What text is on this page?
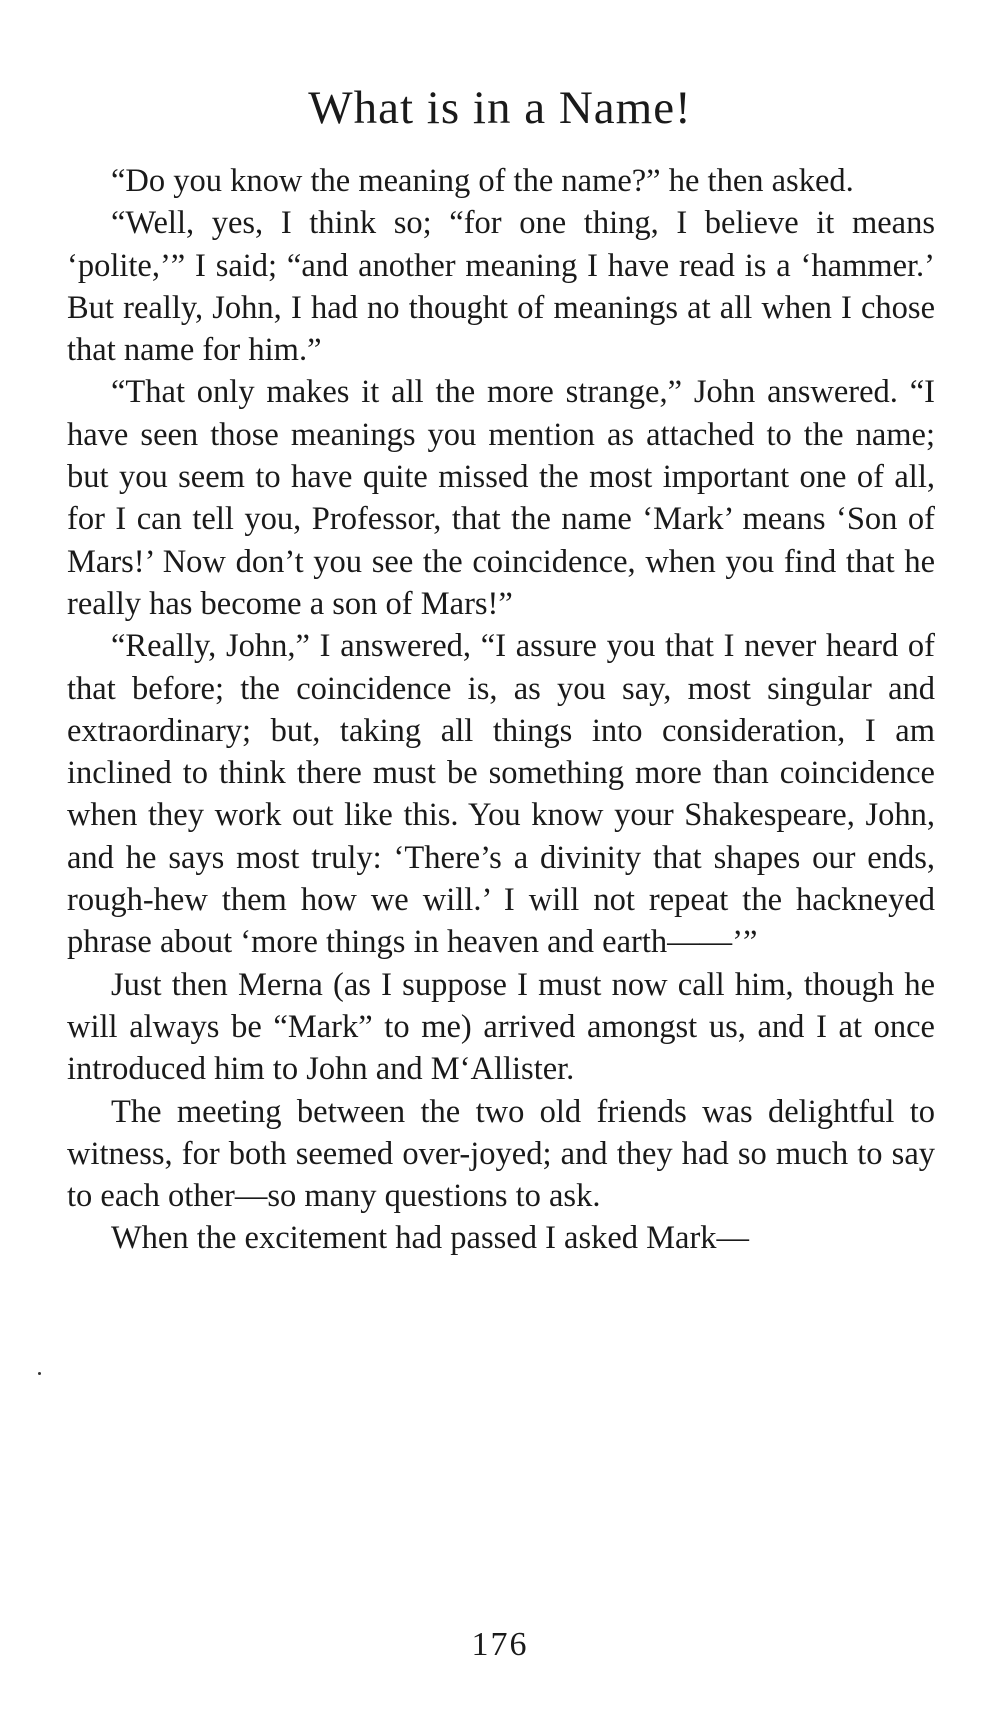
What is in a Name!

“Do you know the meaning of the name?” he then asked.

“Well, yes, I think so; “for one thing, I believe it means ‘polite,’” I said; “and another meaning I have read is a ‘hammer.’ But really, John, I had no thought of meanings at all when I chose that name for him.”

“That only makes it all the more strange,” John answered. “I have seen those meanings you mention as attached to the name; but you seem to have quite missed the most important one of all, for I can tell you, Professor, that the name ‘Mark’ means ‘Son of Mars!’ Now don’t you see the coincidence, when you find that he really has become a son of Mars!”

“Really, John,” I answered, “I assure you that I never heard of that before; the coincidence is, as you say, most singular and extraordinary; but, taking all things into consideration, I am inclined to think there must be something more than coincidence when they work out like this. You know your Shakespeare, John, and he says most truly: ‘There’s a divinity that shapes our ends, rough-hew them how we will.’ I will not repeat the hackneyed phrase about ‘more things in heaven and earth——’”

Just then Merna (as I suppose I must now call him, though he will always be “Mark” to me) arrived amongst us, and I at once introduced him to John and M‘Allister.

The meeting between the two old friends was delightful to witness, for both seemed over-joyed; and they had so much to say to each other—so many questions to ask.

When the excitement had passed I asked Mark—

176
